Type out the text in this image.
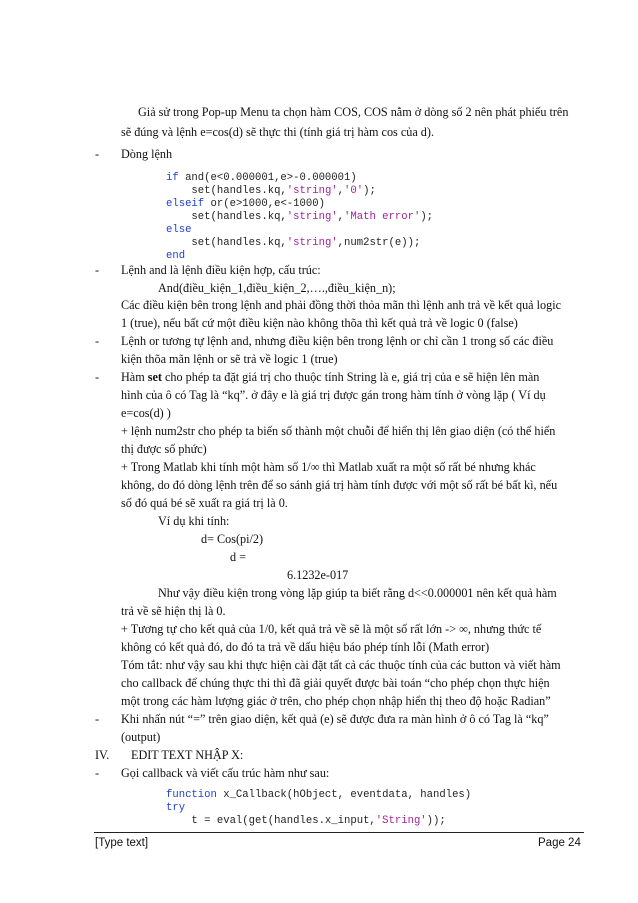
Giả sử trong Pop-up Menu ta chọn hàm COS, COS nằm ở dòng số 2 nên phát phiếu trên
sẽ đúng và lệnh e=cos(d) sẽ thực thi (tính giá trị hàm cos của d).
- Dòng lệnh
if and(e<0.000001,e>-0.000001)
set(handles.kq,'string','0');
elseif or(e>1000,e<-1000)
set(handles.kq,'string','Math error');
else
set(handles.kq,'string',num2str(e));
end
- Lệnh and là lệnh điều kiện hợp, cấu trúc:
And(điều_kiện_1,điều_kiện_2,….,điều_kiện_n);
Các điều kiện bên trong lệnh and phải đồng thời thỏa mãn thì lệnh anh trả về kết quả logic
1 (true), nếu bất cứ một điều kiện nào không thõa thì kết quả trả về logic 0 (false)
- Lệnh or tương tự lệnh and, nhưng điều kiện bên trong lệnh or chỉ cần 1 trong số các điều
kiện thõa mãn lệnh or sẽ trả về logic 1 (true)
- Hàm set cho phép ta đặt giá trị cho thuộc tính String là e, giá trị của e sẽ hiện lên màn
hình của ô có Tag là “kq”. ở đây e là giá trị được gán trong hàm tính ở vòng lặp ( Ví dụ
e=cos(d) )
+ lệnh num2str cho phép ta biến số thành một chuỗi để hiển thị lên giao diện (có thể hiển
thị được số phức)
+ Trong Matlab khi tính một hàm số 1/∞ thì Matlab xuất ra một số rất bé nhưng khác
không, do đó dòng lệnh trên để so sánh giá trị hàm tính được với một số rất bé bất kì, nếu
số đó quá bé sẽ xuất ra giá trị là 0.
Ví dụ khi tính:
d= Cos(pi/2)
d =
6.1232e-017
Như vậy điều kiện trong vòng lặp giúp ta biết rằng d<<0.000001 nên kết quả hàm
trả về sẽ hiện thị là 0.
+ Tương tự cho kết quả của 1/0, kết quả trả về sẽ là một số rất lớn -> ∞, nhưng thức tế
không có kết quả đó, do đó ta trả về dấu hiệu báo phép tính lỗi (Math error)
Tóm tắt: như vậy sau khi thực hiện cài đặt tất cả các thuộc tính của các button và viết hàm
cho callback để chúng thực thi thì đã giải quyết được bài toán “cho phép chọn thực hiện
một trong các hàm lượng giác ở trên, cho phép chọn nhập hiển thị theo độ hoặc Radian”
- Khi nhấn nút “=” trên giao diện, kết quả (e) sẽ được đưa ra màn hình ở ô có Tag là “kq”
(output)
IV. EDIT TEXT NHẬP X:
- Gọi callback và viết cấu trúc hàm như sau:
function x_Callback(hObject, eventdata, handles)
try
t = eval(get(handles.x_input,'String'));
[Type text]	Page 24
